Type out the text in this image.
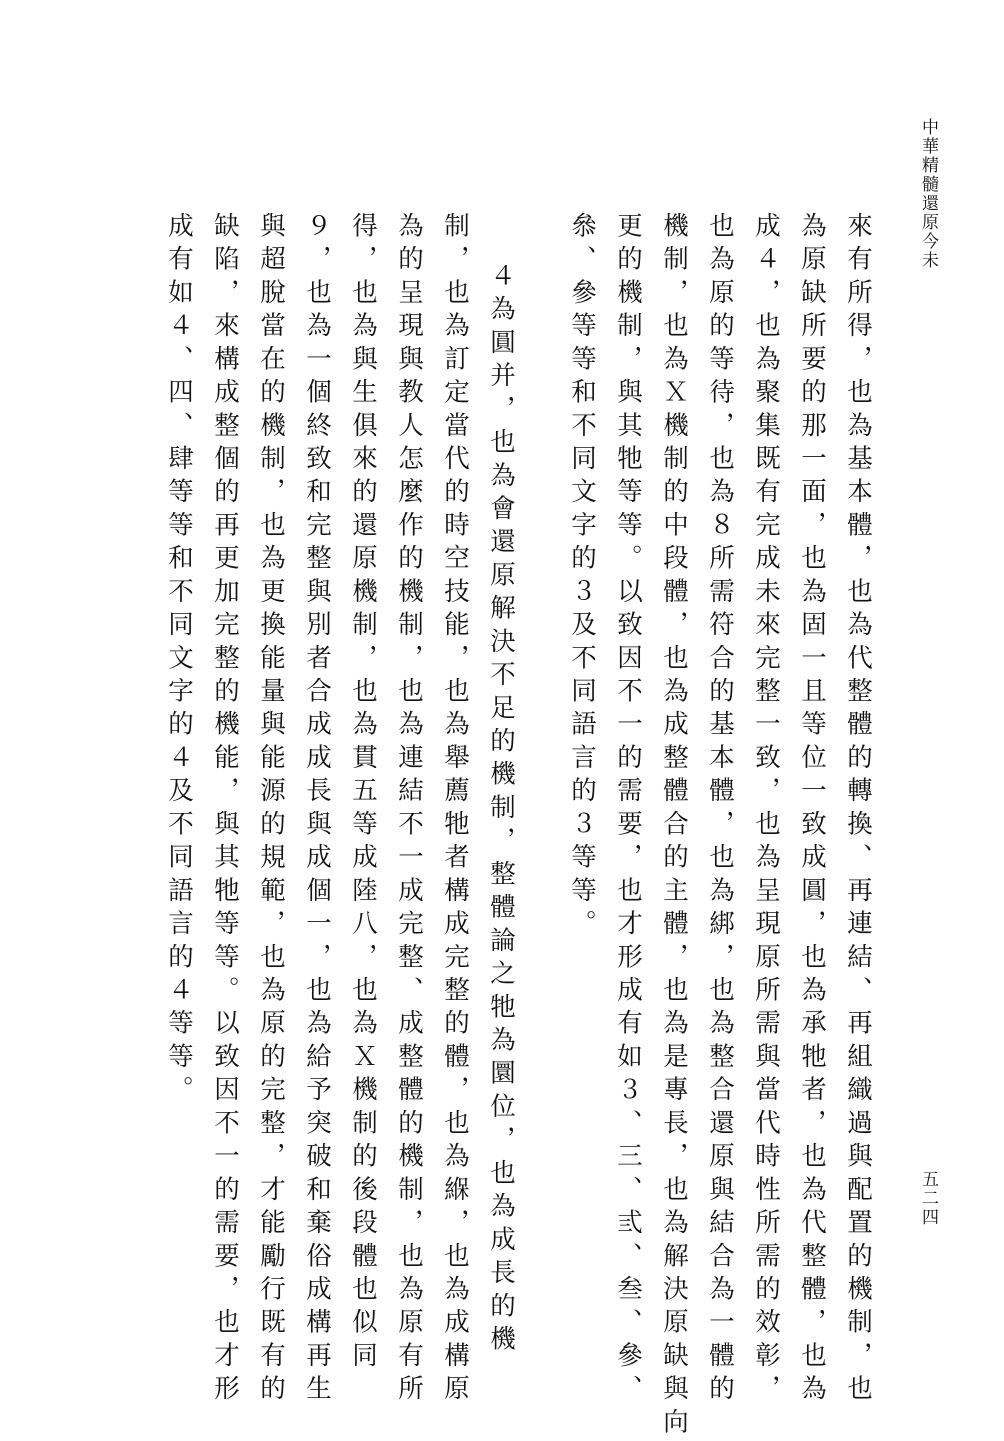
中華精髓還原今未
來有所得，也為基本體，也為代整體的轉換、再連結、再組織過與配置的機制，也
為原缺所要的那一面，也為固一且等位一致成圓，也為承牠者，也為代整體，也為
成４，也為聚集既有完成未來完整一致，也為呈現原所需與當代時性所需的效彰，
也為原的等待，也為８所需符合的基本體，也為綁，也為整合還原與結合為一體的
機制，也為Ｘ機制的中段體，也為成整體合的主體，也為是專長，也為解決原缺與向
更的機制，與其牠等等。以致因不一的需要，也才形成有如３、三、弎、叁、參、
叅、參等等和不同文字的３及不同語言的３等等。
４為圓并，也為會還原解決不足的機制，整體論之牠為圜位，也為成長的機
制，也為訂定當代的時空技能，也為舉薦牠者構成完整的體，也為緥，也為成構原
為的呈現與教人怎麼作的機制，也為連結不一成完整、成整體的機制，也為原有所
得，也為與生俱來的還原機制，也為貫五等成陸八，也為Ｘ機制的後段體也似同
９，也為一個終致和完整與別者合成成長與成個一，也為給予突破和棄俗成構再生
與超脫當在的機制，也為更換能量與能源的規範，也為原的完整，才能勵行既有的
缺陷，來構成整個的再更加完整的機能，與其牠等等。以致因不一的需要，也才形
成有如４、四、肆等等和不同文字的４及不同語言的４等等。
五二四
